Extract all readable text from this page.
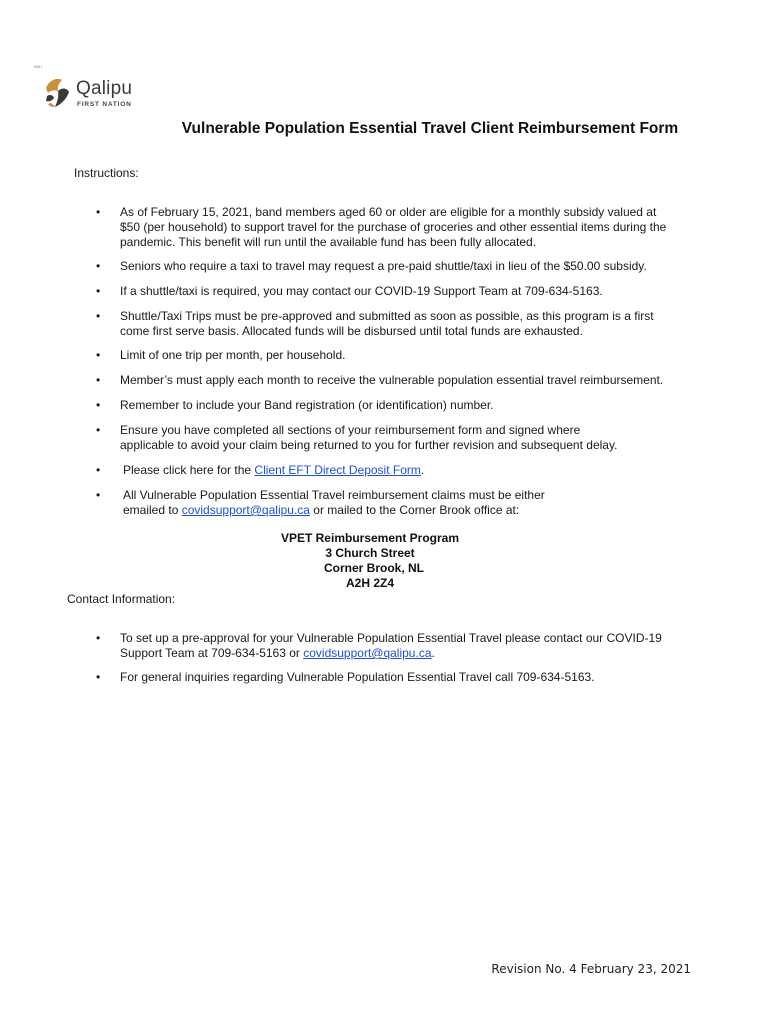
Wit r
Qalipu
FIRST NATION
Vulnerable Population Essential Travel Client Reimbursement Form

Instructions:

• As of February 15, 2021, band members aged 60 or older are eligible for a monthly subsidy valued at
$50 (per household) to support travel for the purchase of groceries and other essential items during the
pandemic. This benefit will run until the available fund has been fully allocated.
• Seniors who require a taxi to travel may request a pre-paid shuttle/taxi in lieu of the $50.00 subsidy.
• If a shuttle/taxi is required, you may contact our COVID-19 Support Team at 709-634-5163.
• Shuttle/Taxi Trips must be pre-approved and submitted as soon as possible, as this program is a first
come first serve basis. Allocated funds will be disbursed until total funds are exhausted.
• Limit of one trip per month, per household.
• Member’s must apply each month to receive the vulnerable population essential travel reimbursement.
• Remember to include your Band registration (or identification) number.
• Ensure you have completed all sections of your reimbursement form and signed where
applicable to avoid your claim being returned to you for further revision and subsequent delay.
• Please click here for the Client EFT Direct Deposit Form.
• All Vulnerable Population Essential Travel reimbursement claims must be either
emailed to covidsupport@qalipu.ca or mailed to the Corner Brook office at:
VPET Reimbursement Program
3 Church Street
Corner Brook, NL
A2H 2Z4

Contact Information:

• To set up a pre-approval for your Vulnerable Population Essential Travel please contact our COVID-19
Support Team at 709-634-5163 or covidsupport@qalipu.ca.
• For general inquiries regarding Vulnerable Population Essential Travel call 709-634-5163.
Revision No. 4 February 23, 2021
